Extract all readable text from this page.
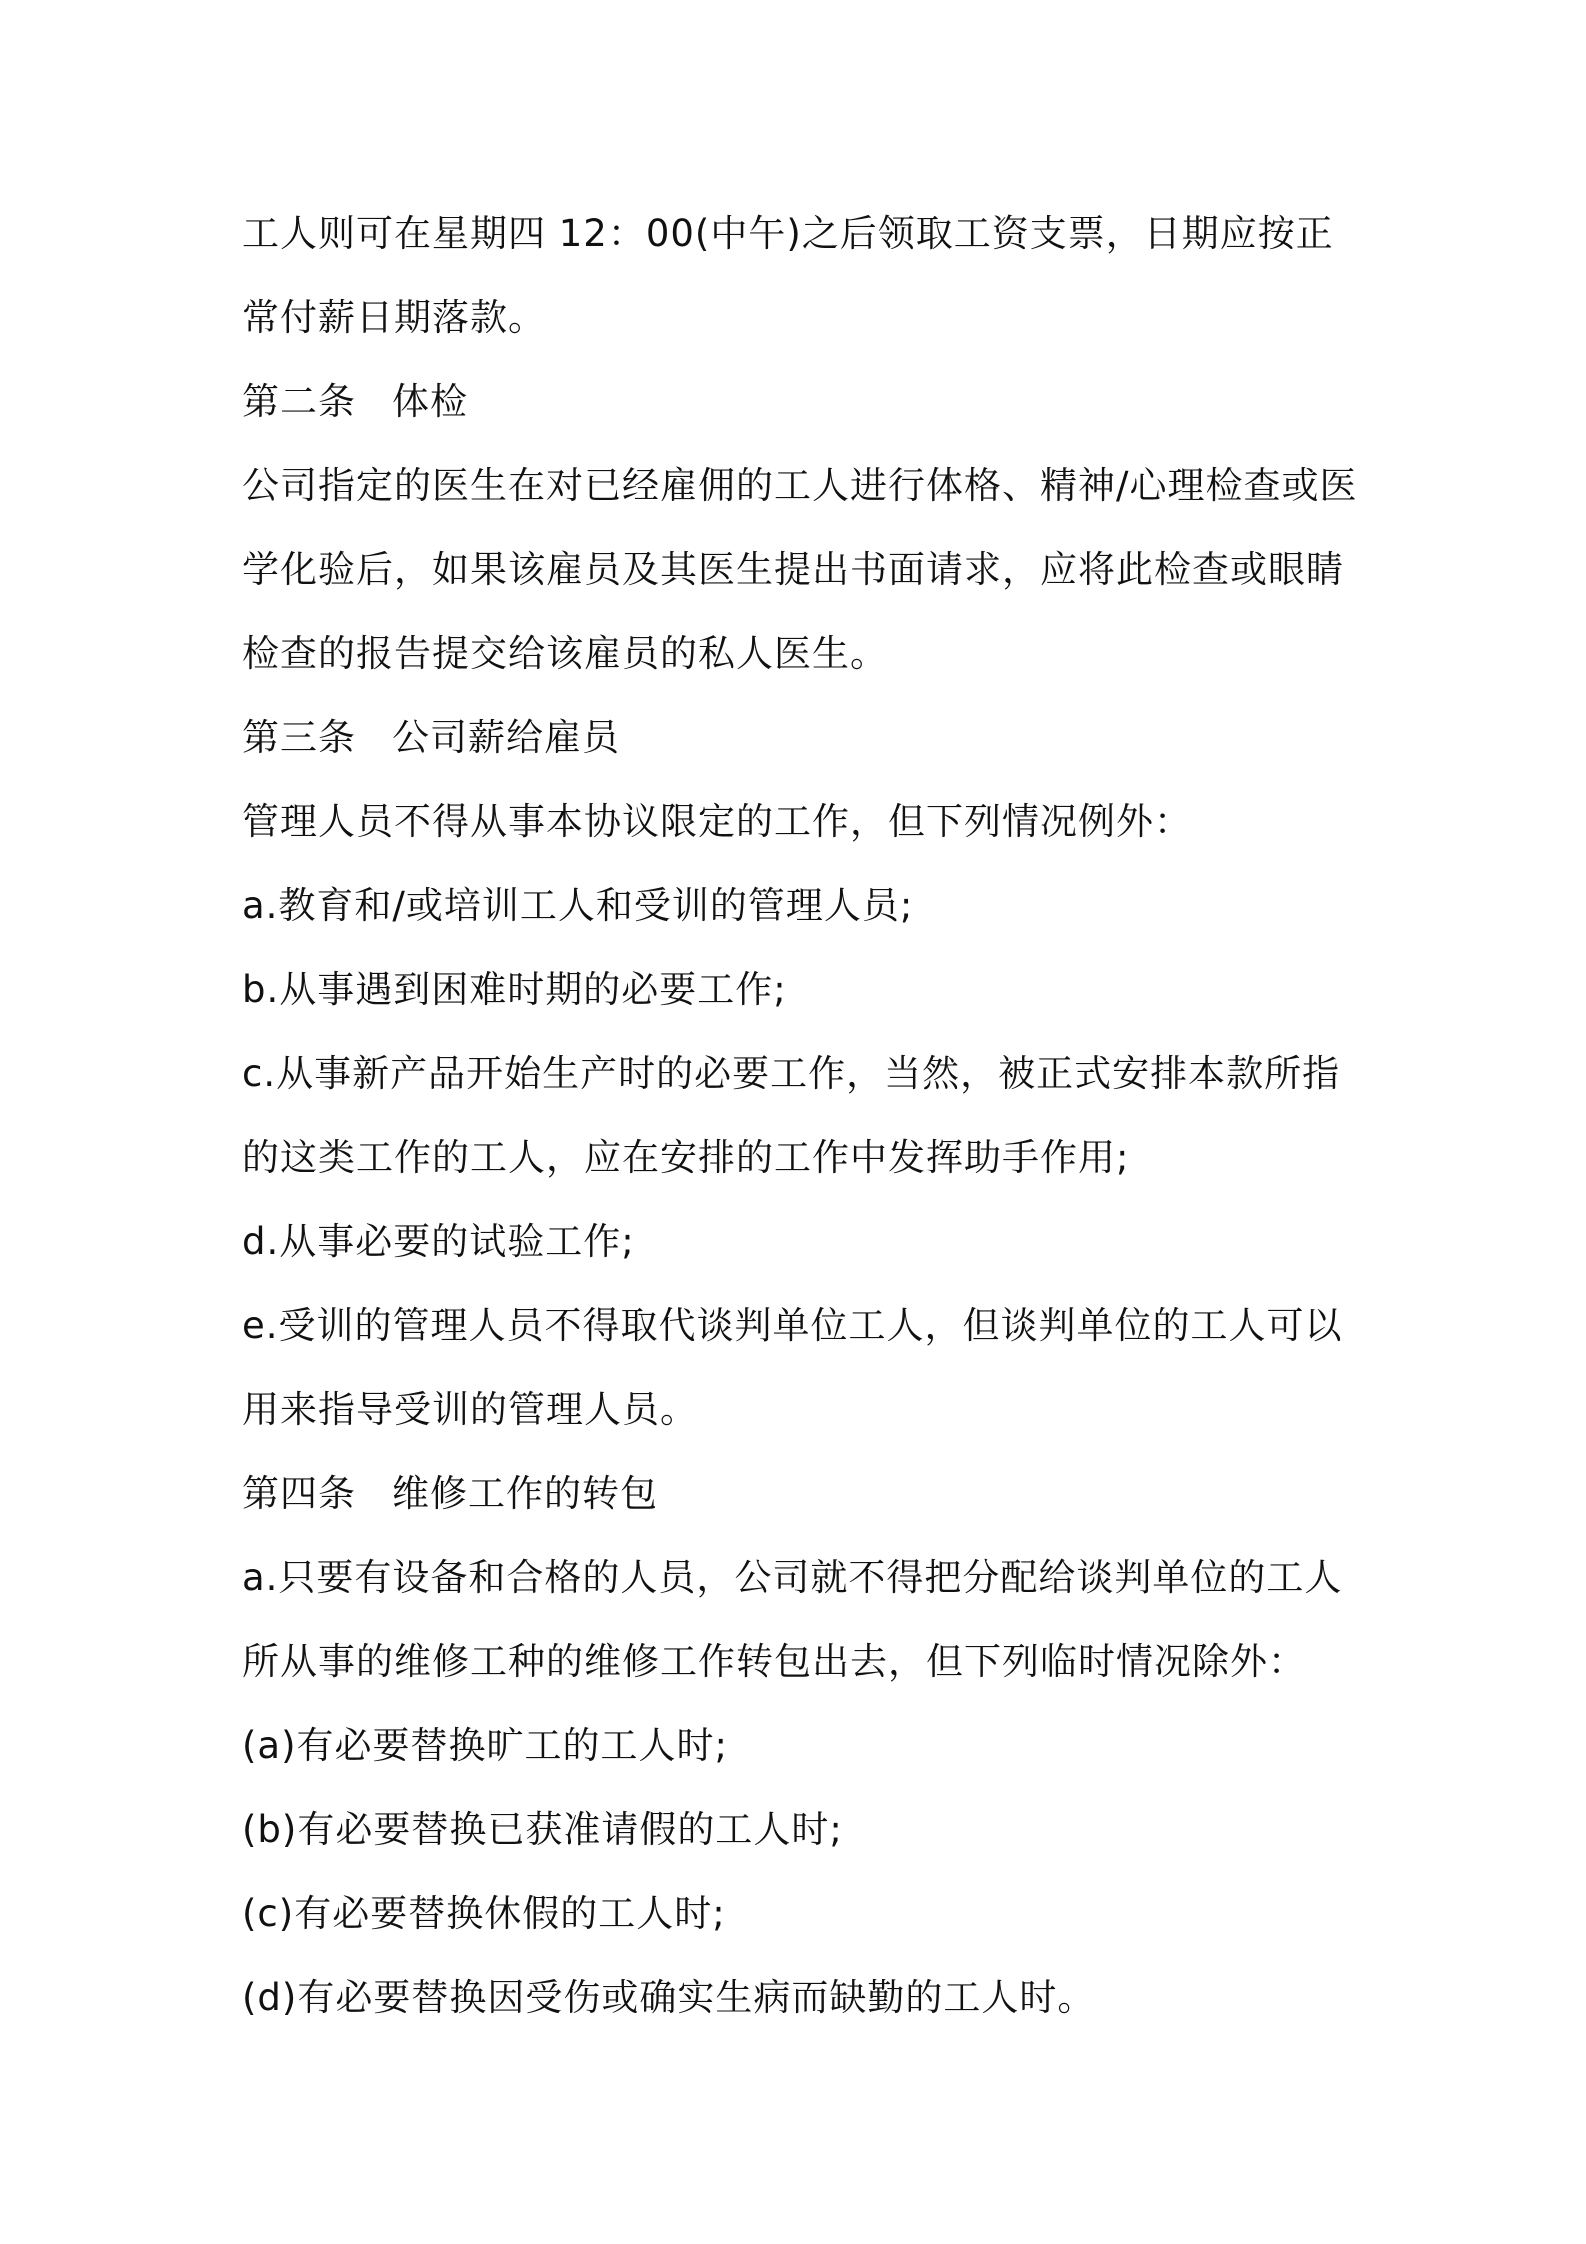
工人则可在星期四 12：00(中午)之后领取工资支票，日期应按正常付薪日期落款。

第二条 体检

公司指定的医生在对已经雇佣的工人进行体格、精神/心理检查或医学化验后，如果该雇员及其医生提出书面请求，应将此检查或眼睛检查的报告提交给该雇员的私人医生。

第三条 公司薪给雇员

管理人员不得从事本协议限定的工作，但下列情况例外：

a.教育和/或培训工人和受训的管理人员;

b.从事遇到困难时期的必要工作;

c.从事新产品开始生产时的必要工作，当然，被正式安排本款所指的这类工作的工人，应在安排的工作中发挥助手作用;

d.从事必要的试验工作;

e.受训的管理人员不得取代谈判单位工人，但谈判单位的工人可以用来指导受训的管理人员。

第四条 维修工作的转包

a.只要有设备和合格的人员，公司就不得把分配给谈判单位的工人所从事的维修工种的维修工作转包出去，但下列临时情况除外：

(a)有必要替换旷工的工人时;

(b)有必要替换已获准请假的工人时;

(c)有必要替换休假的工人时;

(d)有必要替换因受伤或确实生病而缺勤的工人时。
